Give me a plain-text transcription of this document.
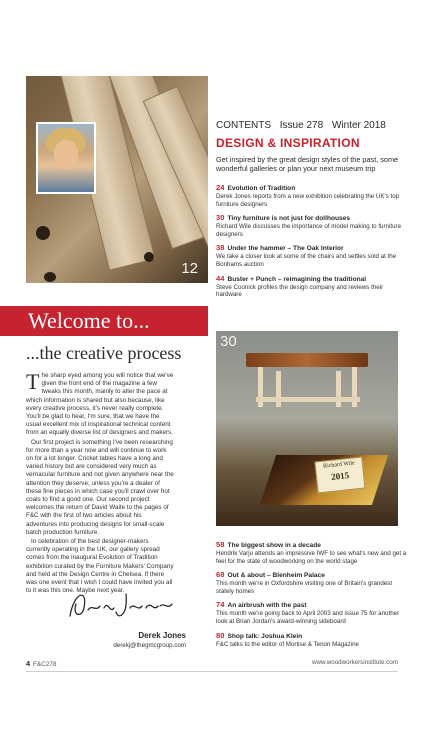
12
Welcome to...
...the creative process

The sharp eyed among you will notice that we've given the front end of the magazine a few tweaks this month, mainly to alter the pace at which information is shared but also because, like every creative process, it's never really complete. You'll be glad to hear, I'm sure, that we have the usual excellent mix of inspirational technical content from an equally diverse list of designers and makers.

Our first project is something I've been researching for more than a year now and will continue to work on for a lot longer. Cricket tables have a long and varied history but are considered very much as vernacular furniture and not given anywhere near the attention they deserve; unless you're a dealer of these fine pieces in which case you'll crawl over hot coals to find a good one. Our second project welcomes the return of David Waite to the pages of F&C with the first of two articles about his adventures into producing designs for small-scale batch production furniture.

In celebration of the best designer-makers currently operating in the UK, our gallery spread comes from the inaugural Evolution of Tradition exhibition curated by the Furniture Makers' Company and held at the Design Centre in Chelsea. If there was one event that I wish I could have invited you all to it was this one. Maybe next year.

Derek Jones
derekj@thegmcgroup.com
CONTENTS Issue 278 Winter 2018
DESIGN & INSPIRATION
Get inspired by the great design styles of the past, some wonderful galleries or plan your next museum trip
24 Evolution of Tradition
Derek Jones reports from a new exhibition celebrating the UK's top furniture designers
30 Tiny furniture is not just for dollhouses
Richard Wile discusses the importance of model making to furniture designers
38 Under the hammer – The Oak Interior
We take a closer look at some of the chairs and settles sold at the Bonhams auction
44 Buster + Punch – reimagining the traditional
Steve Coonick profiles the design company and reviews their hardware
Richard Wile
2015
30
58 The biggest show in a decade
Hendrik Varju attends an impressive IWF to see what's new and get a feel for the state of woodworking on the world stage
68 Out & about – Blenheim Palace
This month we're in Oxfordshire visiting one of Britain's grandest stately homes
74 An airbrush with the past
This month we're going back to April 2003 and issue 75 for another look at Brian Jordan's award-winning sideboard
80 Shop talk: Joshua Klein
F&C talks to the editor of Mortise & Tenon Magazine
4 F&C278	www.woodworkersinstitute.com
